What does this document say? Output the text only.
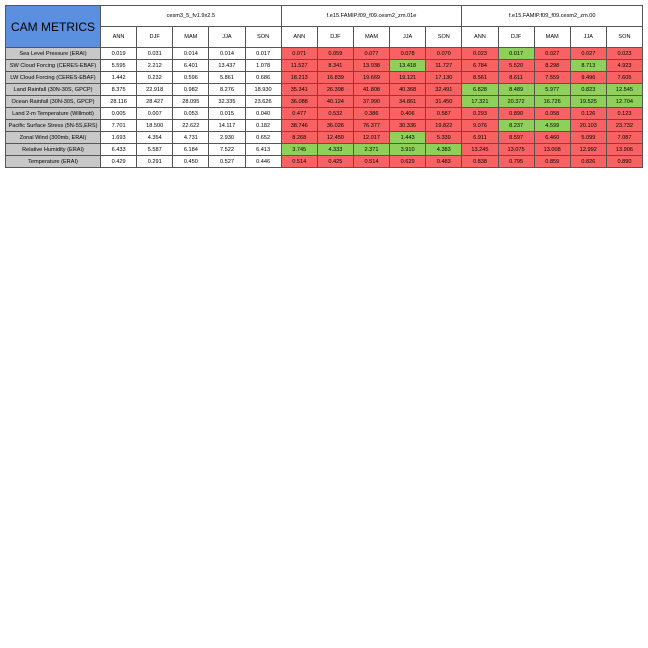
CAM METRICS	cesm3_5_fv1.9x2.5					f.e15.FAMIP.f09_f09.cesm2_zm.01e					f.e15.FAMIP.f09_f09.cesm2_zm.00				
	ANN	DJF	MAM	JJA	SON	ANN	DJF	MAM	JJA	SON	ANN	DJF	MAM	JJA	SON
Sea Level Pressure (ERAI)	0.019	0.031	0.014	0.014	0.017	0.071	0.059	0.077	0.078	0.070	0.023	0.017	0.027	0.027	0.023
SW Cloud Forcing (CERES-EBAF)	5.595	2.212	6.401	13.437	1.078	11.527	8.341	13.038	13.418	11.727	6.784	5.520	8.298	8.713	4.923
LW Cloud Forcing (CERES-EBAF)	1.442	0.232	0.596	5.861	0.686	18.213	16.839	19.669	19.121	17.130	8.561	8.611	7.559	9.496	7.605
Land Rainfall (30N-30S, GPCP)	8.375	22.918	0.982	8.276	18.930	35.341	26.398	41.808	40.368	32.491	6.828	8.489	5.977	0.823	12.545
Ocean Rainfall (30N-30S, GPCP)	28.116	28.427	28.095	32.335	23.626	36.088	40.124	37.990	34.861	31.450	17.321	20.372	16.726	19.525	12.704
Land 2-m Temperature (Willmott)	0.005	0.007	0.053	0.015	0.040	0.477	0.532	0.386	0.406	0.587	0.293	0.890	0.058	0.126	0.123
Pacific Surface Stress (5N-5S,ERS)	7.701	18.500	22.622	14.117	0.182	38.746	36.026	76.377	30.336	19.822	9.076	8.237	4.599	20.103	23.732
Zonal Wind (300mb, ERAI)	1.693	4.354	4.731	2.930	0.652	8.268	12.450	12.017	1.443	5.339	6.911	8.597	6.460	5.099	7.087
Relative Humidity (ERAI)	6.433	5.587	6.184	7.522	6.413	3.745	4.333	2.371	3.910	4.383	13.245	13.075	13.008	12.992	13.906
Temperature (ERAI)	0.429	0.291	0.450	0.527	0.446	0.514	0.425	0.514	0.629	0.483	0.838	0.795	0.859	0.826	0.890
